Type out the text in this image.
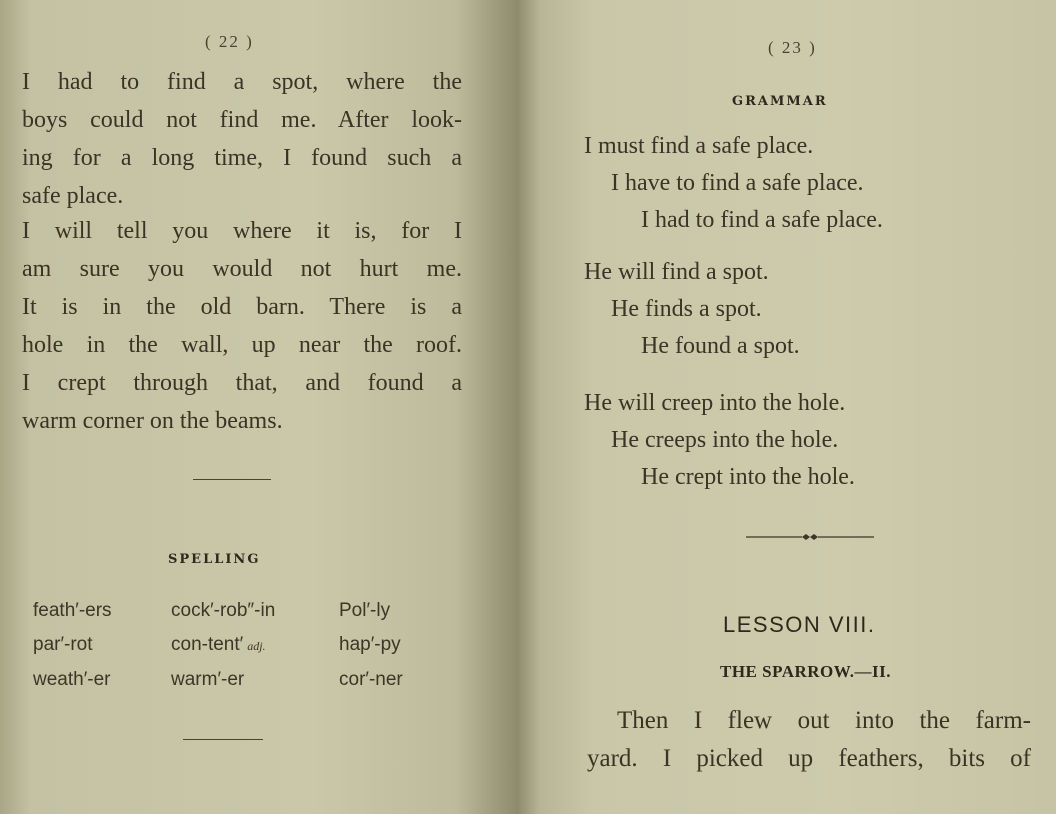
( 22 )

I had to find a spot, where the

boys could not find me. After look-

ing for a long time, I found such a

safe place.

I will tell you where it is, for I

am sure you would not hurt me.

It is in the old barn. There is a

hole in the wall, up near the roof.

I crept through that, and found a

warm corner on the beams.

SPELLING
feath′-ers	cock′-rob″-in	Pol′-ly
par′-rot	con-tent′ adj.	hap′-py
weath′-er	warm′-er	cor′-ner
( 23 )
GRAMMAR
I must find a safe place.
I have to find a safe place.
I had to find a safe place.
He will find a spot.
He finds a spot.
He found a spot.
He will creep into the hole.
He creeps into the hole.
He crept into the hole.
LESSON VIII.
THE SPARROW.—II.

Then I flew out into the farm-

yard. I picked up feathers, bits of
